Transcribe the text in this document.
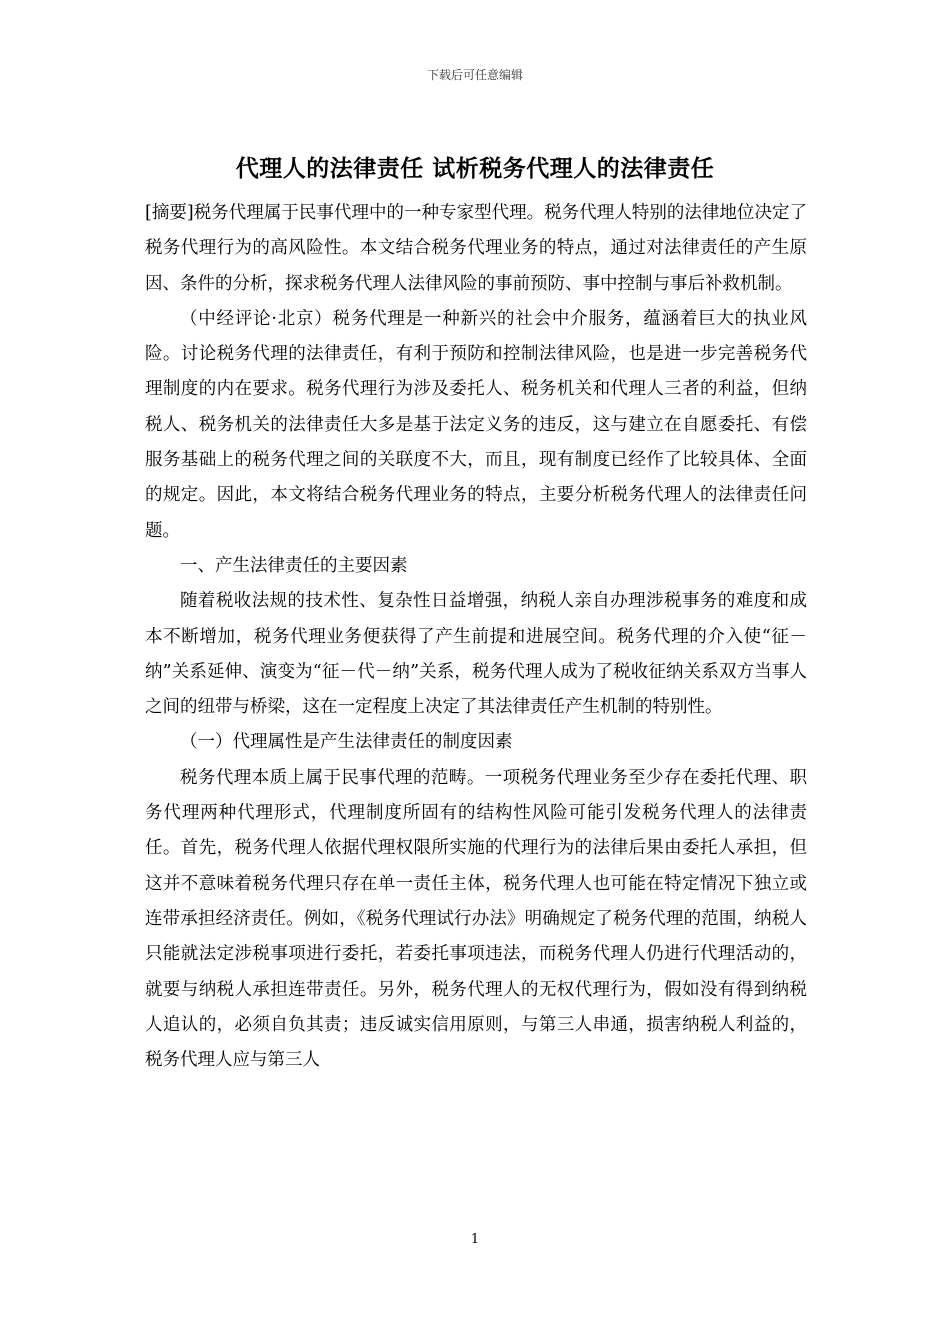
下载后可任意编辑
代理人的法律责任 试析税务代理人的法律责任

[摘要]税务代理属于民事代理中的一种专家型代理。税务代理人特别的法律地位决定了税务代理行为的高风险性。本文结合税务代理业务的特点，通过对法律责任的产生原因、条件的分析，探求税务代理人法律风险的事前预防、事中控制与事后补救机制。

（中经评论·北京）税务代理是一种新兴的社会中介服务，蕴涵着巨大的执业风险。讨论税务代理的法律责任，有利于预防和控制法律风险，也是进一步完善税务代理制度的内在要求。税务代理行为涉及委托人、税务机关和代理人三者的利益，但纳税人、税务机关的法律责任大多是基于法定义务的违反，这与建立在自愿委托、有偿服务基础上的税务代理之间的关联度不大，而且，现有制度已经作了比较具体、全面的规定。因此，本文将结合税务代理业务的特点，主要分析税务代理人的法律责任问题。

一、产生法律责任的主要因素

随着税收法规的技术性、复杂性日益增强，纳税人亲自办理涉税事务的难度和成本不断增加，税务代理业务便获得了产生前提和进展空间。税务代理的介入使“征－纳”关系延伸、演变为“征－代－纳”关系，税务代理人成为了税收征纳关系双方当事人之间的纽带与桥梁，这在一定程度上决定了其法律责任产生机制的特别性。

（一）代理属性是产生法律责任的制度因素

税务代理本质上属于民事代理的范畴。一项税务代理业务至少存在委托代理、职务代理两种代理形式，代理制度所固有的结构性风险可能引发税务代理人的法律责任。首先，税务代理人依据代理权限所实施的代理行为的法律后果由委托人承担，但这并不意味着税务代理只存在单一责任主体，税务代理人也可能在特定情况下独立或连带承担经济责任。例如，《税务代理试行办法》明确规定了税务代理的范围，纳税人只能就法定涉税事项进行委托，若委托事项违法，而税务代理人仍进行代理活动的，就要与纳税人承担连带责任。另外，税务代理人的无权代理行为，假如没有得到纳税人追认的，必须自负其责；违反诚实信用原则，与第三人串通，损害纳税人利益的，税务代理人应与第三人

1
